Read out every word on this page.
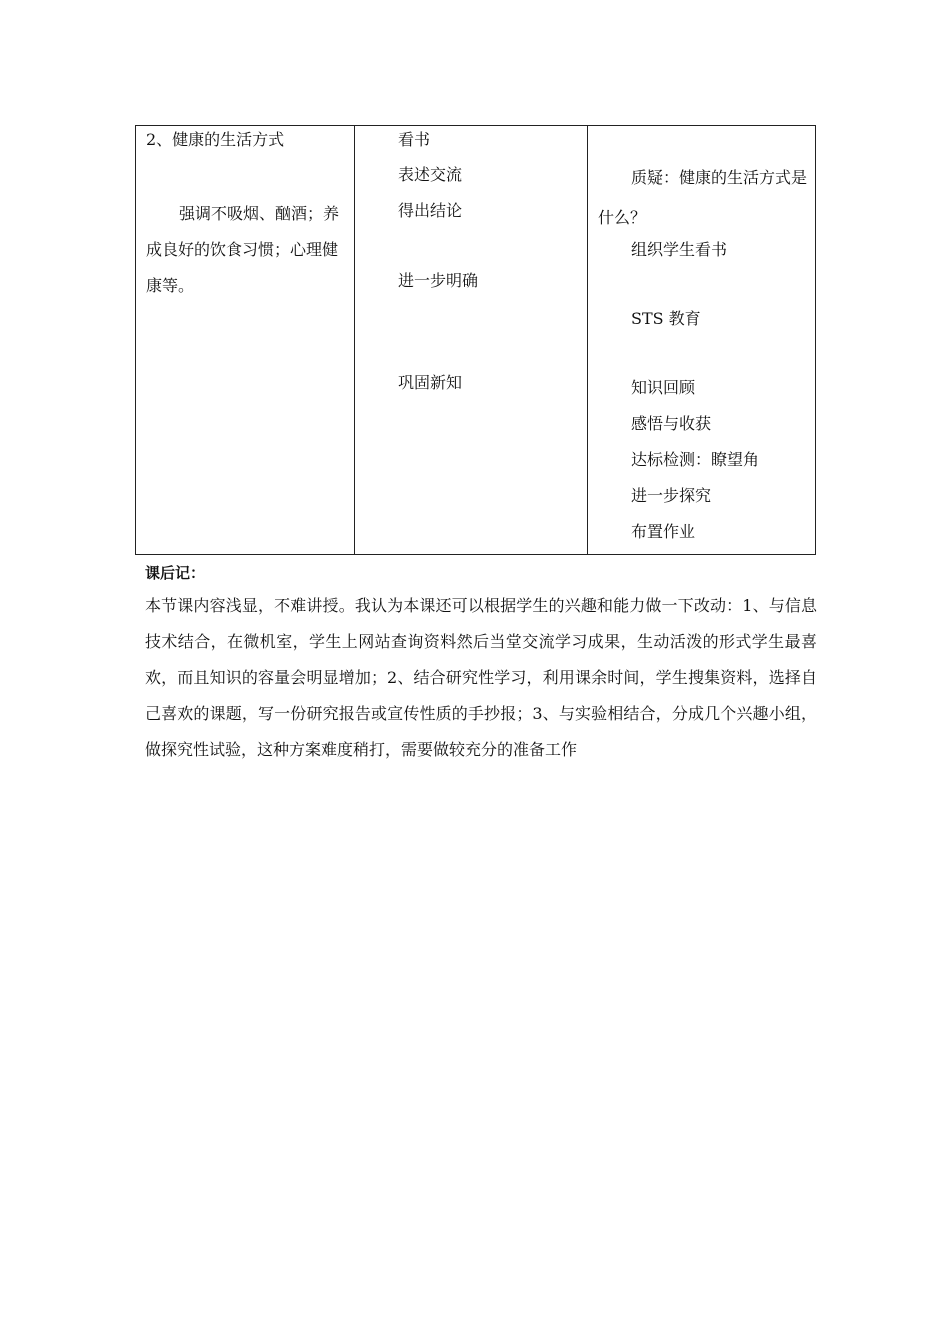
2、健康的生活方式
强调不吸烟、酗酒；养成良好的饮食习惯；心理健康等。
看书
表述交流
得出结论
进一步明确
巩固新知
质疑：健康的生活方式是什么？
组织学生看书
STS 教育
知识回顾
感悟与收获
达标检测：瞭望角
进一步探究
布置作业
课后记：
本节课内容浅显，不难讲授。我认为本课还可以根据学生的兴趣和能力做一下改动：1、与信息技术结合，在微机室，学生上网站查询资料然后当堂交流学习成果，生动活泼的形式学生最喜欢，而且知识的容量会明显增加；2、结合研究性学习，利用课余时间，学生搜集资料，选择自己喜欢的课题，写一份研究报告或宣传性质的手抄报；3、与实验相结合，分成几个兴趣小组，做探究性试验，这种方案难度稍打，需要做较充分的准备工作
